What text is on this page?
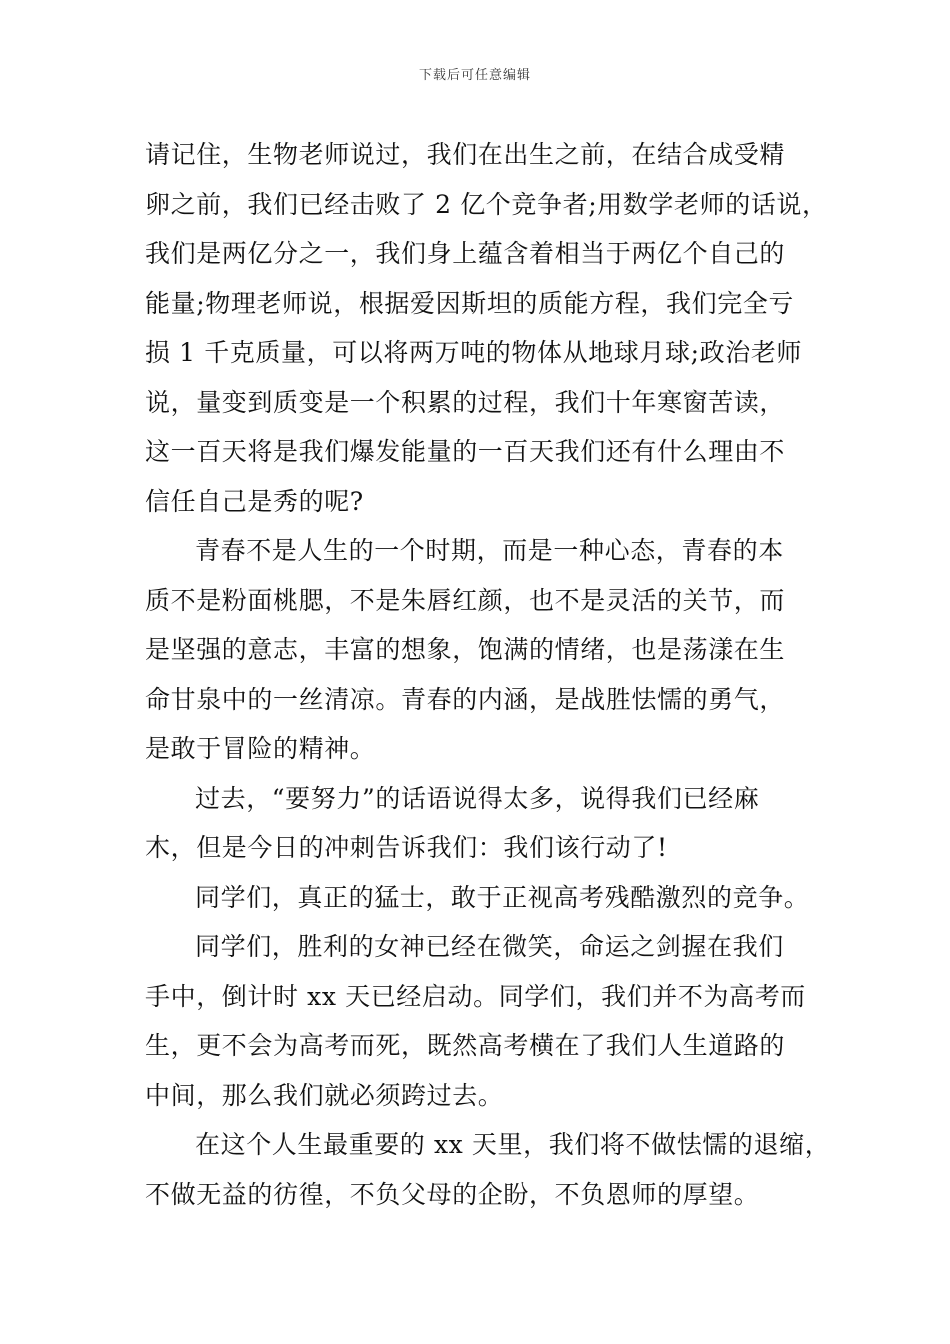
下载后可任意编辑

请记住，生物老师说过，我们在出生之前，在结合成受精
卵之前，我们已经击败了 2 亿个竞争者;用数学老师的话说，
我们是两亿分之一，我们身上蕴含着相当于两亿个自己的
能量;物理老师说，根据爱因斯坦的质能方程，我们完全亏
损 1 千克质量，可以将两万吨的物体从地球月球;政治老师
说，量变到质变是一个积累的过程，我们十年寒窗苦读，
这一百天将是我们爆发能量的一百天我们还有什么理由不
信任自己是秀的呢?

青春不是人生的一个时期，而是一种心态，青春的本
质不是粉面桃腮，不是朱唇红颜，也不是灵活的关节，而
是坚强的意志，丰富的想象，饱满的情绪，也是荡漾在生
命甘泉中的一丝清凉。青春的内涵，是战胜怯懦的勇气，
是敢于冒险的精神。

过去，“要努力”的话语说得太多，说得我们已经麻
木，但是今日的冲刺告诉我们：我们该行动了!

同学们，真正的猛士，敢于正视高考残酷激烈的竞争。

同学们，胜利的女神已经在微笑，命运之剑握在我们
手中，倒计时 xx 天已经启动。同学们，我们并不为高考而
生，更不会为高考而死，既然高考横在了我们人生道路的
中间，那么我们就必须跨过去。

在这个人生最重要的 xx 天里，我们将不做怯懦的退缩，
不做无益的彷徨，不负父母的企盼，不负恩师的厚望。
